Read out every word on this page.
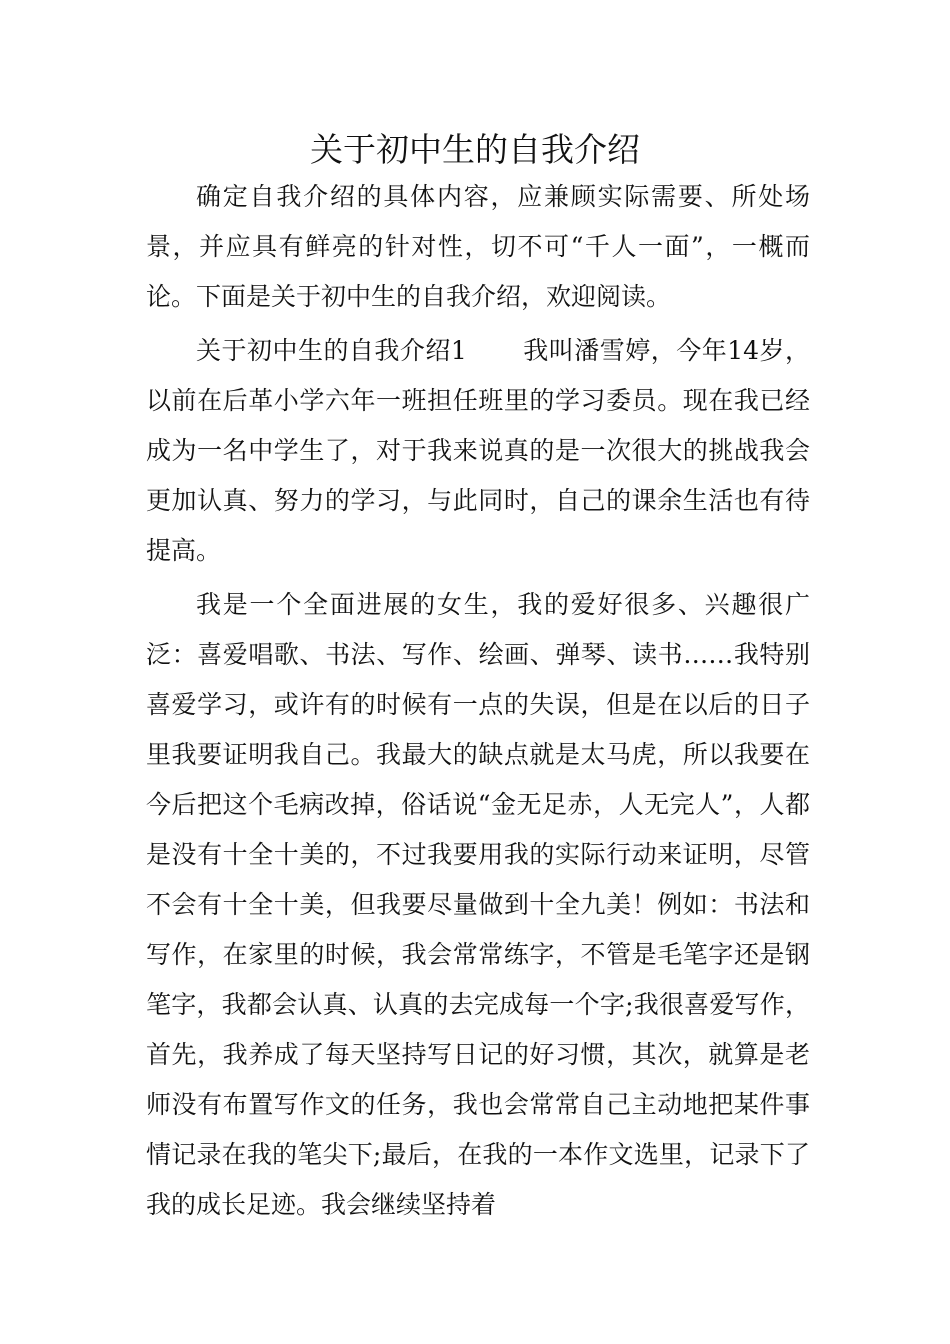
关于初中生的自我介绍

确定自我介绍的具体内容，应兼顾实际需要、所处场景，并应具有鲜亮的针对性，切不可“千人一面”，一概而论。下面是关于初中生的自我介绍，欢迎阅读。

关于初中生的自我介绍1 我叫潘雪婷，今年14岁，以前在后革小学六年一班担任班里的学习委员。现在我已经成为一名中学生了，对于我来说真的是一次很大的挑战我会更加认真、努力的学习，与此同时，自己的课余生活也有待提高。

我是一个全面进展的女生，我的爱好很多、兴趣很广泛：喜爱唱歌、书法、写作、绘画、弹琴、读书……我特别喜爱学习，或许有的时候有一点的失误，但是在以后的日子里我要证明我自己。我最大的缺点就是太马虎，所以我要在今后把这个毛病改掉，俗话说“金无足赤，人无完人”，人都是没有十全十美的，不过我要用我的实际行动来证明，尽管不会有十全十美，但我要尽量做到十全九美！例如：书法和写作，在家里的时候，我会常常练字，不管是毛笔字还是钢笔字，我都会认真、认真的去完成每一个字;我很喜爱写作，首先，我养成了每天坚持写日记的好习惯，其次，就算是老师没有布置写作文的任务，我也会常常自己主动地把某件事情记录在我的笔尖下;最后，在我的一本作文选里，记录下了我的成长足迹。我会继续坚持着
